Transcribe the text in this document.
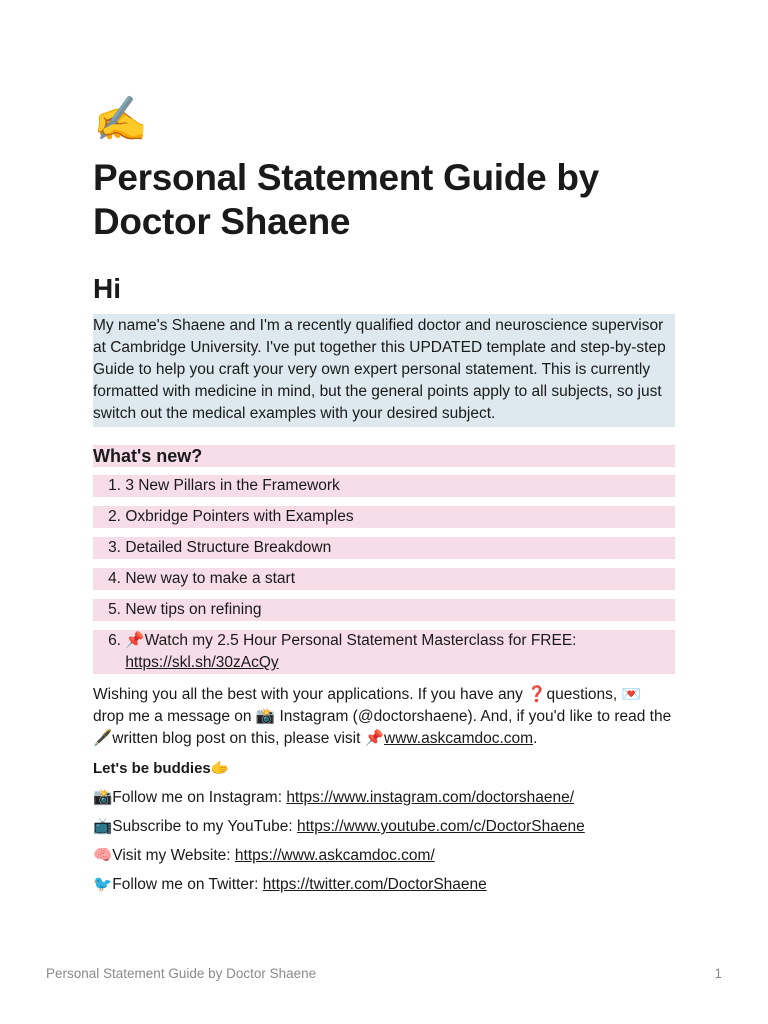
✍️
Personal Statement Guide by Doctor Shaene
Hi
My name's Shaene and I'm a recently qualified doctor and neuroscience supervisor at Cambridge University. I've put together this UPDATED template and step-by-step Guide to help you craft your very own expert personal statement. This is currently formatted with medicine in mind, but the general points apply to all subjects, so just switch out the medical examples with your desired subject.
What's new?
1. 3 New Pillars in the Framework
2. Oxbridge Pointers with Examples
3. Detailed Structure Breakdown
4. New way to make a start
5. New tips on refining
6. 📌Watch my 2.5 Hour Personal Statement Masterclass for FREE:
https://skl.sh/30zAcQy
Wishing you all the best with your applications. If you have any ❓questions, 💌 drop me a message on 📸 Instagram (@doctorshaene). And, if you'd like to read the 🖋️written blog post on this, please visit 📌www.askcamdoc.com.
Let's be buddies🫱
📸Follow me on Instagram: https://www.instagram.com/doctorshaene/
📺Subscribe to my YouTube: https://www.youtube.com/c/DoctorShaene
🧠Visit my Website: https://www.askcamdoc.com/
🐦Follow me on Twitter: https://twitter.com/DoctorShaene
Personal Statement Guide by Doctor Shaene	1
